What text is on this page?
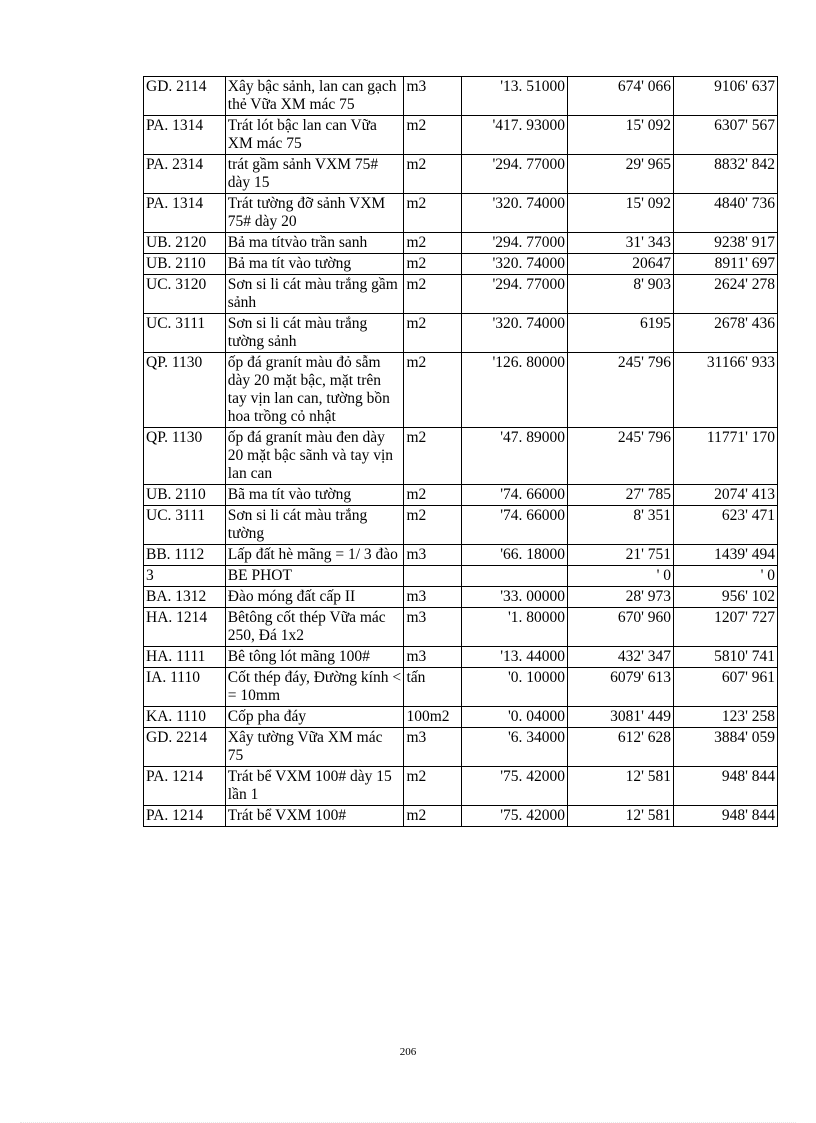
GD. 2114	Xây bậc sảnh, lan can gạch thẻ Vữa XM mác 75	m3	'13. 51000	674' 066	9106' 637
PA. 1314	Trát lót bậc lan can Vữa XM mác 75	m2	'417. 93000	15' 092	6307' 567
PA. 2314	trát gầm sảnh VXM 75# dày 15	m2	'294. 77000	29' 965	8832' 842
PA. 1314	Trát tường đỡ sảnh VXM 75# dày 20	m2	'320. 74000	15' 092	4840' 736
UB. 2120	Bả ma títvào trần sanh	m2	'294. 77000	31' 343	9238' 917
UB. 2110	Bả ma tít vào tường	m2	'320. 74000	20647	8911' 697
UC. 3120	Sơn si li cát màu trắng gầm sảnh	m2	'294. 77000	8' 903	2624' 278
UC. 3111	Sơn si li cát màu trắng tường sảnh	m2	'320. 74000	6195	2678' 436
QP. 1130	ốp đá granít màu đỏ sẫm dày 20 mặt bậc, mặt trên tay vịn lan can, tường bồn hoa trồng cỏ nhật	m2	'126. 80000	245' 796	31166' 933
QP. 1130	ốp đá granít màu đen dày 20 mặt bậc sãnh và tay vịn lan can	m2	'47. 89000	245' 796	11771' 170
UB. 2110	Bã ma tít vào tường	m2	'74. 66000	27' 785	2074' 413
UC. 3111	Sơn si li cát màu trắng tường	m2	'74. 66000	8' 351	623' 471
BB. 1112	Lấp đất hè mãng = 1/ 3 đào	m3	'66. 18000	21' 751	1439' 494
3	BE PHOT			' 0	' 0
BA. 1312	Đào móng đất cấp II	m3	'33. 00000	28' 973	956' 102
HA. 1214	Bêtông cốt thép Vữa mác 250, Đá 1x2	m3	'1. 80000	670' 960	1207' 727
HA. 1111	Bê tông lót mãng 100#	m3	'13. 44000	432' 347	5810' 741
IA. 1110	Cốt thép đáy, Đường kính < = 10mm	tấn	'0. 10000	6079' 613	607' 961
KA. 1110	Cốp pha đáy	100m2	'0. 04000	3081' 449	123' 258
GD. 2214	Xây tường Vữa XM mác 75	m3	'6. 34000	612' 628	3884' 059
PA. 1214	Trát bể VXM 100# dày 15 lần 1	m2	'75. 42000	12' 581	948' 844
PA. 1214	Trát bể VXM 100#	m2	'75. 42000	12' 581	948' 844
206
